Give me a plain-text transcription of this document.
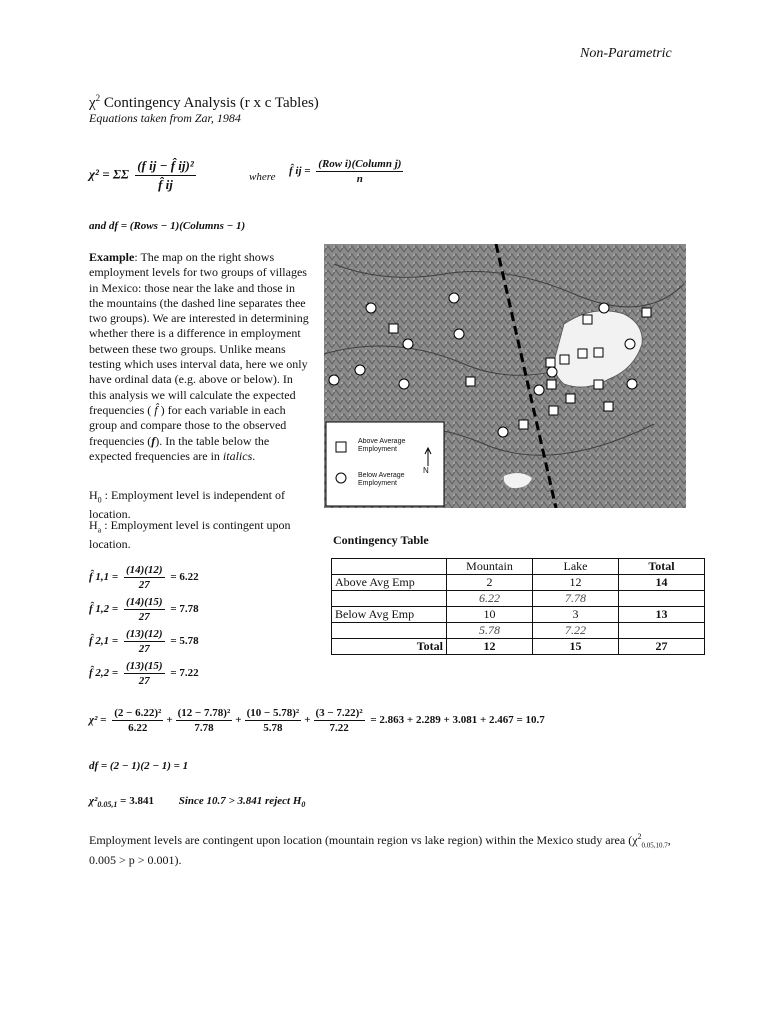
Non-Parametric
$\chi^2$ Contingency Analysis (r x c Tables)
Equations taken from Zar, 1984
χ² = ΣΣ $\frac{\text{(f ij − f̂ ij)²}}{f̂ ij}$	where f̂ ij = $\frac{\text{(Row i)(Column j)}}{n}$
and df = (Rows − 1)(Columns − 1)
Example: The map on the right shows employment levels for two groups of villages in Mexico: those near the lake and those in the mountains (the dashed line separates thee two groups). We are interested in determining whether there is a difference in employment between these two groups. Unlike means testing which uses interval data, here we only have ordinal data (e.g. above or below). In this analysis we will calculate the expected frequencies ( f̂ ) for each variable in each group and compare those to the observed frequencies (f). In the table below the expected frequencies are in italics.
$H_0$ : Employment level is independent of location.
$H_a$ : Employment level is contingent upon location.
f̂ $1,1 = \frac{(14)(12)}{27} = 6.22$
f̂ $1,2 = \frac{(14)(15)}{27} = 7.78$
f̂ $2,1 = \frac{(13)(12)}{27} = 5.78$
f̂ $2,2 = \frac{(13)(15)}{27} = 7.22$
Above Average Employment
Below Average Employment
N
Contingency Table
	Mountain	Lake	Total
Above Avg Emp	2	12	14
	6.22	7.78	
Below Avg Emp	10	3	13
	5.78	7.22	
Total	12	15	27
$\chi^2 = \frac{\text{(2 − 6.22)²}}{6.22} + \frac{\text{(12 − 7.78)²}}{7.78} + \frac{\text{(10 − 5.78)²}}{5.78} + \frac{\text{(3 − 7.22)²}}{7.22} = 2.863 + 2.289 + 3.081 + 2.467 = 10.7$
df = (2 − 1)(2 − 1) = 1
$\chi^2_{0.05,1} = 3.841$ Since 10.7 > 3.841 reject $H_0$
Employment levels are contingent upon location (mountain region vs lake region) within the Mexico study area ($\chi^2_{0.05,10.7}$, 0.005 > p > 0.001).
